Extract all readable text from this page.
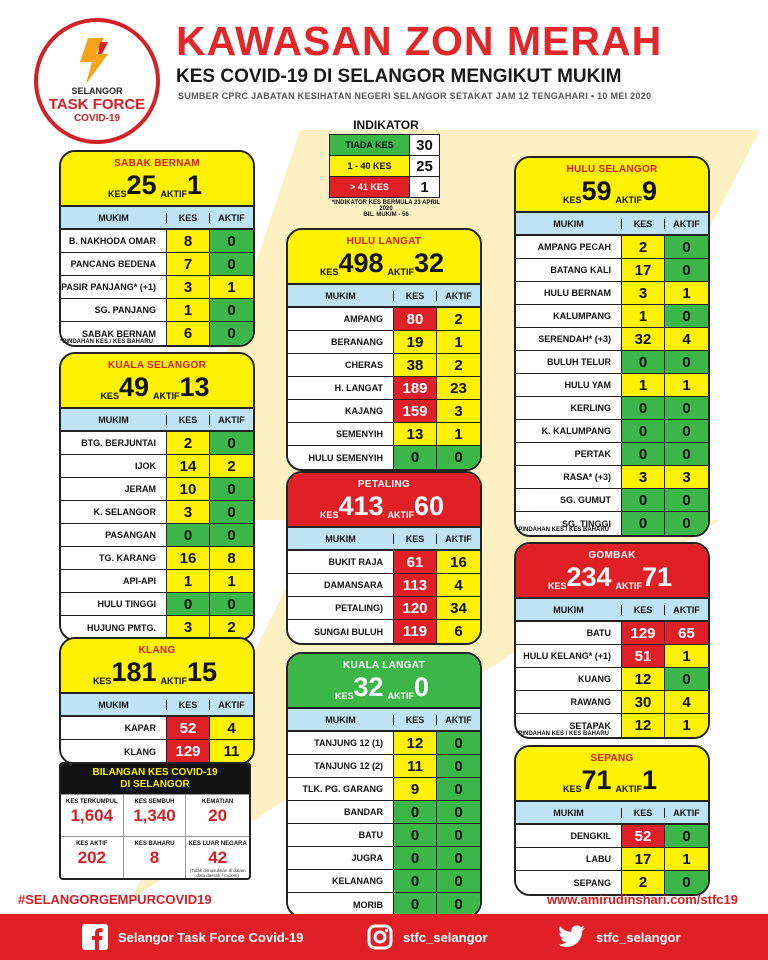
SELANGOR
TASK FORCE
COVID-19
KAWASAN ZON MERAH
KES COVID-19 DI SELANGOR MENGIKUT MUKIM
SUMBER CPRC JABATAN KESIHATAN NEGERI SELANGOR SETAKAT JAM 12 TENGAHARI • 10 MEI 2020
INDIKATOR
TIADA KES	30
1 - 40 KES	25
> 41 KES	1
*INDIKATOR KES BERMULA 23 APRIL 2020
BIL. MUKIM - 56
SABAK BERNAM
KES25 AKTIF1
MUKIM	KES	AKTIF
B. NAKHODA OMAR	8	0
PANCANG BEDENA	7	0
PASIR PANJANG* (+1)	3	1
SG. PANJANG	1	0
SABAK BERNAM	6	0
KUALA SELANGOR
KES49 AKTIF13
MUKIM	KES	AKTIF
BTG. BERJUNTAI	2	0
IJOK	14	2
JERAM	10	0
K. SELANGOR	3	0
PASANGAN	0	0
TG. KARANG	16	8
API-API	1	1
HULU TINGGI	0	0
HUJUNG PMTG.	3	2
KLANG
KES181 AKTIF15
MUKIM	KES	AKTIF
KAPAR	52	4
KLANG	129	11
HULU LANGAT
KES498 AKTIF32
MUKIM	KES	AKTIF
AMPANG	80	2
BERANANG	19	1
CHERAS	38	2
H. LANGAT	189	23
KAJANG	159	3
SEMENYIH	13	1
HULU SEMENYIH	0	0
PETALING
KES413 AKTIF60
MUKIM	KES	AKTIF
BUKIT RAJA	61	16
DAMANSARA	113	4
PETALING)	120	34
SUNGAI BULUH	119	6
KUALA LANGAT
KES32 AKTIF0
MUKIM	KES	AKTIF
TANJUNG 12 (1)	12	0
TANJUNG 12 (2)	11	0
TLK. PG. GARANG	9	0
BANDAR	0	0
BATU	0	0
JUGRA	0	0
KELANANG	0	0
MORIB	0	0
HULU SELANGOR
KES59 AKTIF9
MUKIM	KES	AKTIF
AMPANG PECAH	2	0
BATANG KALI	17	0
HULU BERNAM	3	1
KALUMPANG	1	0
SERENDAH* (+3)	32	4
BULUH TELUR	0	0
HULU YAM	1	1
KERLING	0	0
K. KALUMPANG	0	0
PERTAK	0	0
RASA* (+3)	3	3
SG. GUMUT	0	0
SG. TINGGI	0	0
GOMBAK
KES234 AKTIF71
MUKIM	KES	AKTIF
BATU	129	65
HULU KELANG* (+1)	51	1
KUANG	12	0
RAWANG	30	4
SETAPAK	12	1
SEPANG
KES71 AKTIF1
MUKIM	KES	AKTIF
DENGKIL	52	0
LABU	17	1
SEPANG	2	0
*PINDAHAN KES / KES BAHARU
*PINDAHAN KES / KES BAHARU
*PINDAHAN KES / KES BAHARU
BILANGAN KES COVID-19
DI SELANGOR
KES TERKUMPUL
1,604
KES SEMBUH
1,340
KEMATIAN
20
KES AKTIF
202
KES BAHARU
8
KES LUAR NEGARA
42
(Tidak dimasukkan di dalam data daerah / mukim)
#SELANGORGEMPURCOVID19	www.amirudinshari.com/stfc19
Selangor Task Force Covid-19	stfc_selangor	stfc_selangor
